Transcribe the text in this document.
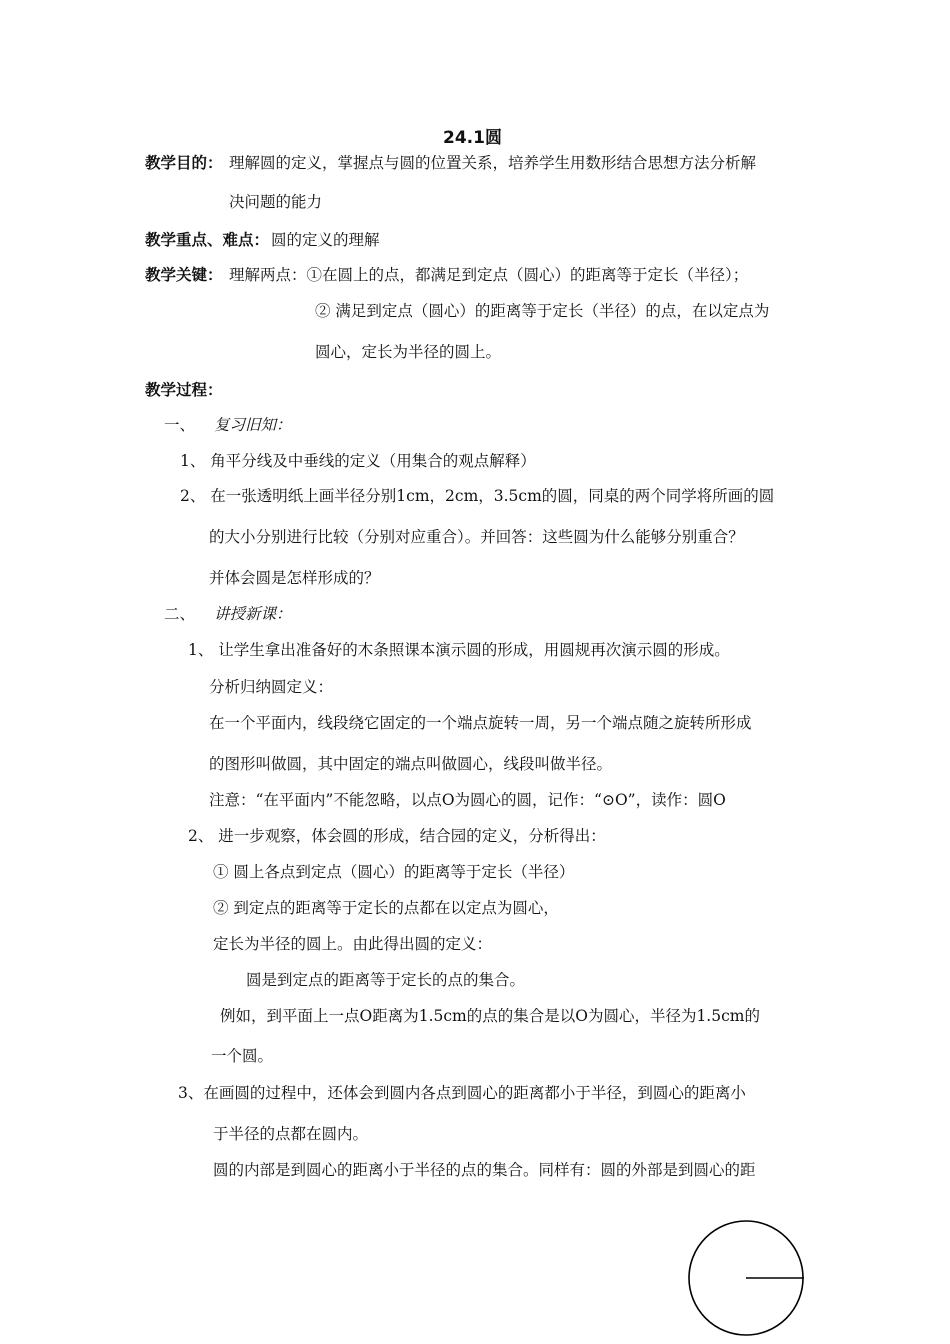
24.1圆
教学目的： 理解圆的定义，掌握点与圆的位置关系，培养学生用数形结合思想方法分析解
决问题的能力
教学重点、难点： 圆的定义的理解
教学关键： 理解两点：①在圆上的点，都满足到定点（圆心）的距离等于定长（半径）；
② 满足到定点（圆心）的距离等于定长（半径）的点，在以定点为
圆心，定长为半径的圆上。
教学过程：
一、 复习旧知：
1、 角平分线及中垂线的定义（用集合的观点解释）
2、 在一张透明纸上画半径分别1cm，2cm，3.5cm的圆，同桌的两个同学将所画的圆
的大小分别进行比较（分别对应重合）。并回答：这些圆为什么能够分别重合？
并体会圆是怎样形成的？
二、 讲授新课：
1、 让学生拿出准备好的木条照课本演示圆的形成，用圆规再次演示圆的形成。
分析归纳圆定义：
在一个平面内，线段绕它固定的一个端点旋转一周，另一个端点随之旋转所形成
的图形叫做圆，其中固定的端点叫做圆心，线段叫做半径。
注意：“在平面内”不能忽略，以点O为圆心的圆，记作：“⊙O”，读作：圆O
2、 进一步观察，体会圆的形成，结合园的定义，分析得出：
① 圆上各点到定点（圆心）的距离等于定长（半径）
② 到定点的距离等于定长的点都在以定点为圆心，
定长为半径的圆上。由此得出圆的定义：
圆是到定点的距离等于定长的点的集合。
例如，到平面上一点O距离为1.5cm的点的集合是以O为圆心，半径为1.5cm的
一个圆。
3、在画圆的过程中，还体会到圆内各点到圆心的距离都小于半径，到圆心的距离小
于半径的点都在圆内。
圆的内部是到圆心的距离小于半径的点的集合。同样有：圆的外部是到圆心的距
